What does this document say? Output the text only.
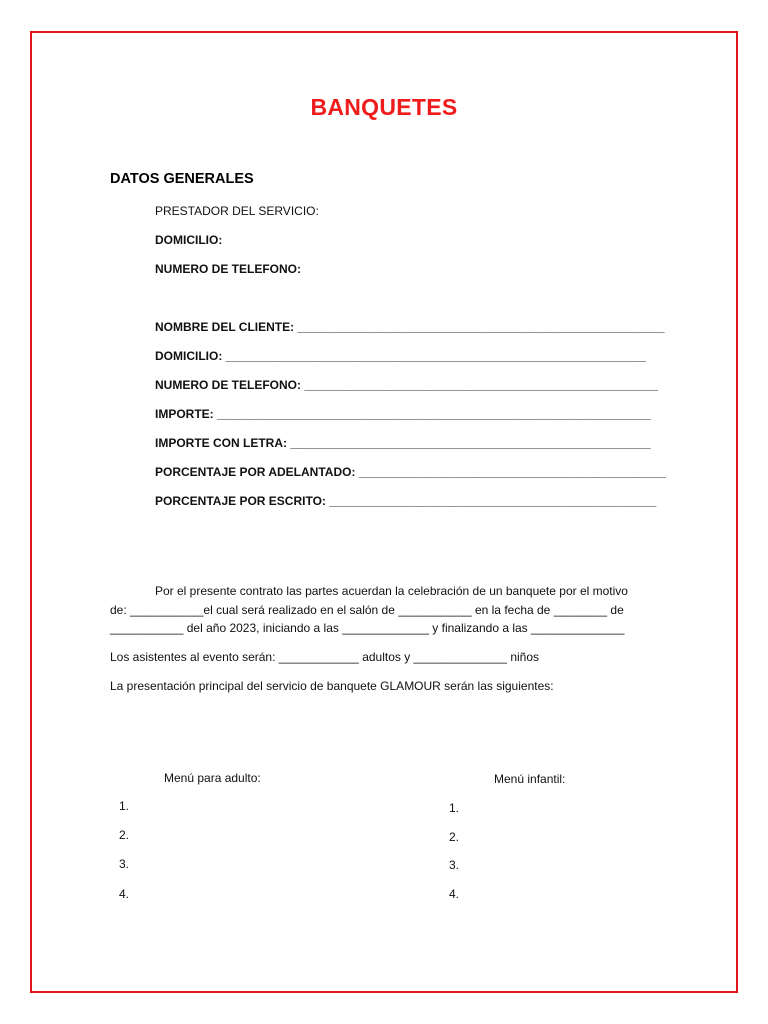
BANQUETES
DATOS GENERALES
PRESTADOR DEL SERVICIO:
DOMICILIO:
NUMERO DE TELEFONO:
NOMBRE DEL CLIENTE: _______________________________________________________
DOMICILIO: _______________________________________________________________
NUMERO DE TELEFONO: _____________________________________________________
IMPORTE: _________________________________________________________________
IMPORTE CON LETRA: ______________________________________________________
PORCENTAJE POR ADELANTADO: ______________________________________________
PORCENTAJE POR ESCRITO: _________________________________________________
Por el presente contrato las partes acuerdan la celebración de un banquete por el motivo
de: ___________el cual será realizado en el salón de ___________ en la fecha de ________ de
___________ del año 2023, iniciando a las _____________ y finalizando a las ______________
Los asistentes al evento serán: ____________ adultos y ______________ niños
La presentación principal del servicio de banquete GLAMOUR serán las siguientes:
Menú para adulto:	Menú infantil:
1.
2.
3.
4.
1.
2.
3.
4.
